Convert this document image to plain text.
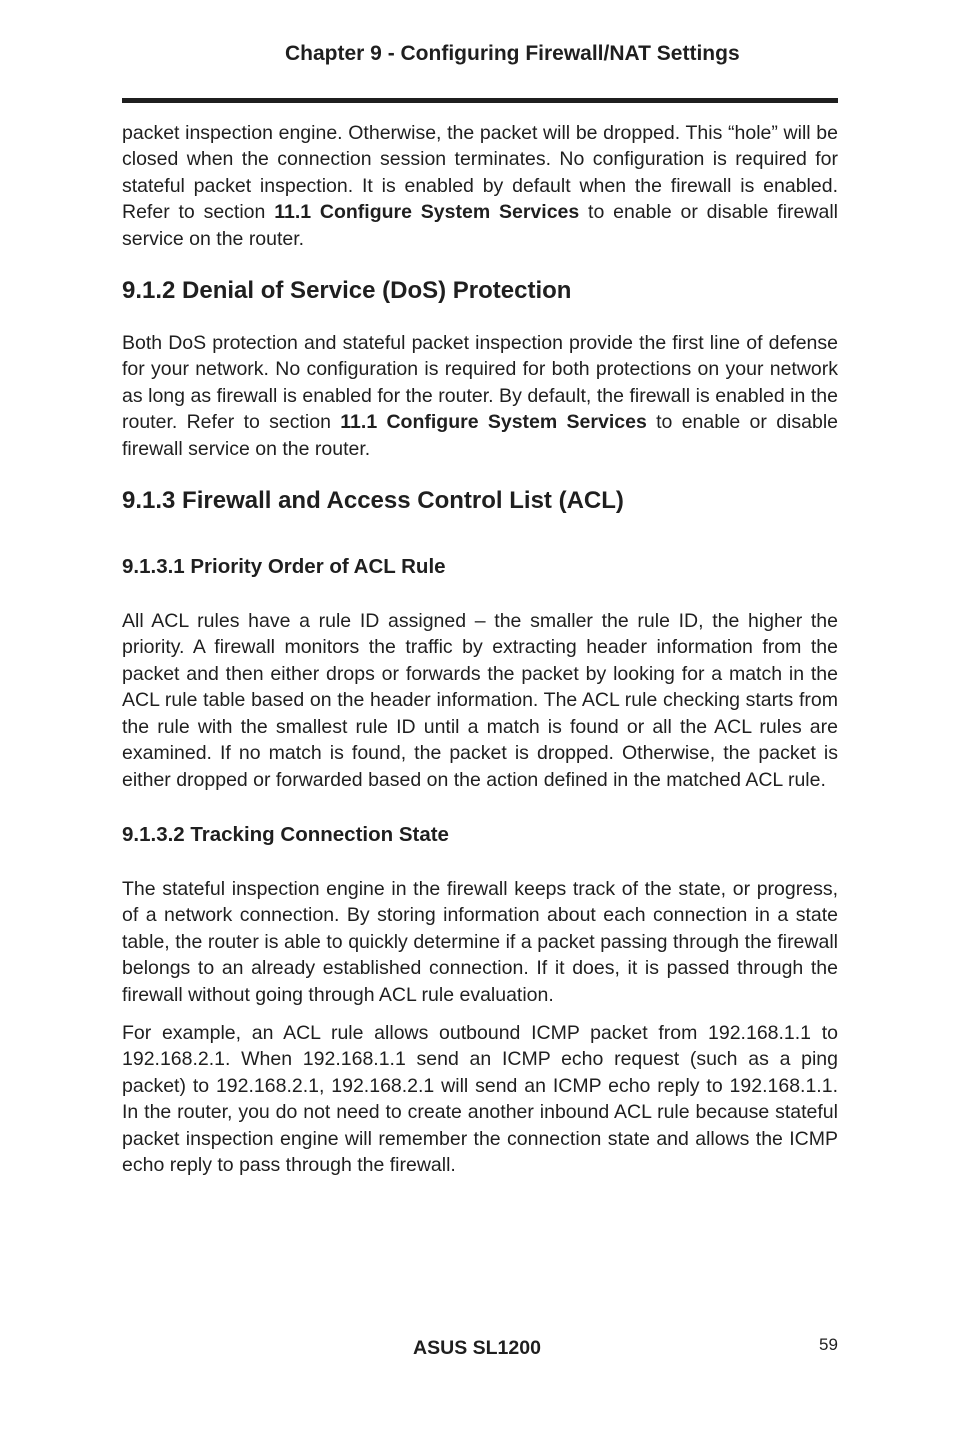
Chapter 9 - Configuring Firewall/NAT Settings

packet inspection engine. Otherwise, the packet will be dropped. This “hole” will be closed when the connection session terminates. No configuration is required for stateful packet inspection. It is enabled by default when the firewall is enabled. Refer to section 11.1 Configure System Services to enable or disable firewall service on the router.

9.1.2 Denial of Service (DoS) Protection

Both DoS protection and stateful packet inspection provide the first line of defense for your network. No configuration is required for both protections on your network as long as firewall is enabled for the router. By default, the firewall is enabled in the router. Refer to section 11.1 Configure System Services to enable or disable firewall service on the router.

9.1.3 Firewall and Access Control List (ACL)
9.1.3.1 Priority Order of ACL Rule

All ACL rules have a rule ID assigned – the smaller the rule ID, the higher the priority. A firewall monitors the traffic by extracting header information from the packet and then either drops or forwards the packet by looking for a match in the ACL rule table based on the header information. The ACL rule checking starts from the rule with the smallest rule ID until a match is found or all the ACL rules are examined. If no match is found, the packet is dropped. Otherwise, the packet is either dropped or forwarded based on the action defined in the matched ACL rule.

9.1.3.2 Tracking Connection State

The stateful inspection engine in the firewall keeps track of the state, or progress, of a network connection. By storing information about each connection in a state table, the router is able to quickly determine if a packet passing through the firewall belongs to an already established connection. If it does, it is passed through the firewall without going through ACL rule evaluation.

For example, an ACL rule allows outbound ICMP packet from 192.168.1.1 to 192.168.2.1. When 192.168.1.1 send an ICMP echo request (such as a ping packet) to 192.168.2.1, 192.168.2.1 will send an ICMP echo reply to 192.168.1.1. In the router, you do not need to create another inbound ACL rule because stateful packet inspection engine will remember the connection state and allows the ICMP echo reply to pass through the firewall.

ASUS SL1200	59
